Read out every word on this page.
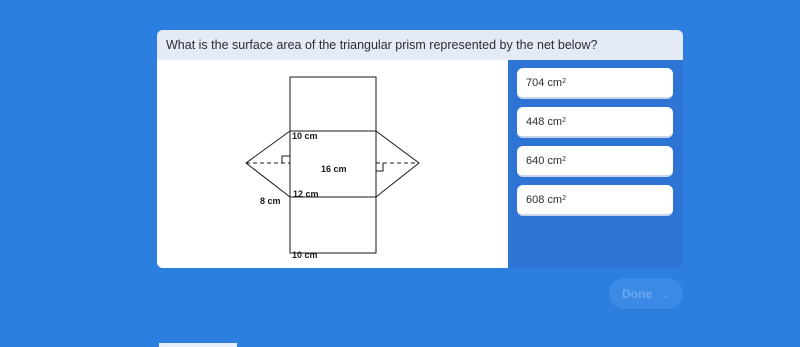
What is the surface area of the triangular prism represented by the net below?
10 cm
16 cm
12 cm
8 cm
10 cm
704 $cm^2$
448 $cm^2$
640 $cm^2$
608 $cm^2$
Done →
